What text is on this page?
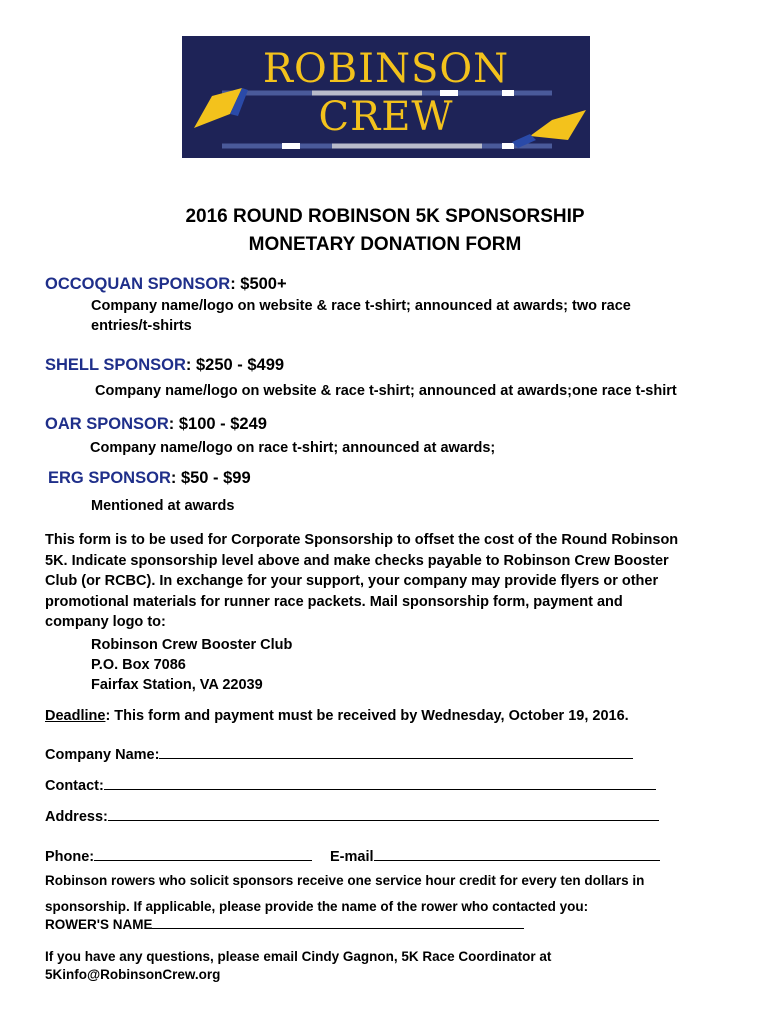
ROBINSON
CREW
2016 ROUND ROBINSON 5K SPONSORSHIP
MONETARY DONATION FORM
OCCOQUAN SPONSOR: $500+
Company name/logo on website & race t-shirt; announced at awards; two race
entries/t-shirts
SHELL SPONSOR: $250 - $499
Company name/logo on website & race t-shirt; announced at awards;one race t-shirt
OAR SPONSOR: $100 - $249
Company name/logo on race t-shirt; announced at awards;
ERG SPONSOR: $50 - $99
Mentioned at awards
This form is to be used for Corporate Sponsorship to offset the cost of the Round Robinson
5K. Indicate sponsorship level above and make checks payable to Robinson Crew Booster
Club (or RCBC). In exchange for your support, your company may provide flyers or other
promotional materials for runner race packets. Mail sponsorship form, payment and
company logo to:
Robinson Crew Booster Club
P.O. Box 7086
Fairfax Station, VA 22039
Deadline: This form and payment must be received by Wednesday, October 19, 2016.
Company Name:
Contact:
Address:
Phone:	E-mail
Robinson rowers who solicit sponsors receive one service hour credit for every ten dollars in
sponsorship. If applicable, please provide the name of the rower who contacted you:
ROWER'S NAME
If you have any questions, please email Cindy Gagnon, 5K Race Coordinator at
5Kinfo@RobinsonCrew.org
